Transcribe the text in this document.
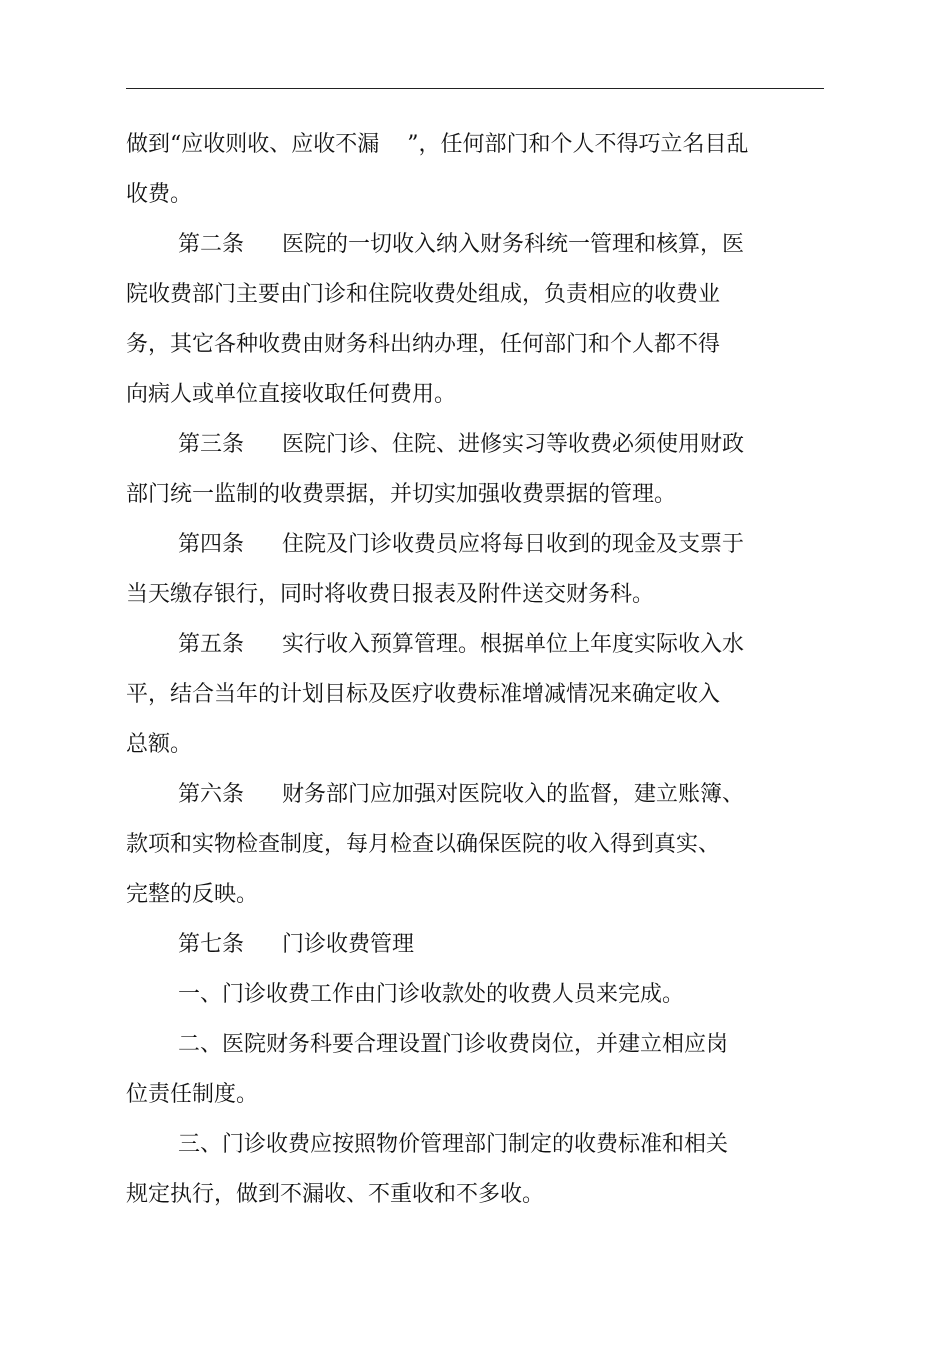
做到“应收则收、应收不漏    ”，任何部门和个人不得巧立名目乱

收费。

第二条 医院的一切收入纳入财务科统一管理和核算，医

院收费部门主要由门诊和住院收费处组成，负责相应的收费业

务，其它各种收费由财务科出纳办理，任何部门和个人都不得

向病人或单位直接收取任何费用。

第三条 医院门诊、住院、进修实习等收费必须使用财政

部门统一监制的收费票据，并切实加强收费票据的管理。

第四条 住院及门诊收费员应将每日收到的现金及支票于

当天缴存银行，同时将收费日报表及附件送交财务科。

第五条 实行收入预算管理。根据单位上年度实际收入水

平，结合当年的计划目标及医疗收费标准增减情况来确定收入

总额。

第六条 财务部门应加强对医院收入的监督，建立账簿、

款项和实物检查制度，每月检查以确保医院的收入得到真实、

完整的反映。

第七条 门诊收费管理

一、门诊收费工作由门诊收款处的收费人员来完成。

二、医院财务科要合理设置门诊收费岗位，并建立相应岗

位责任制度。

三、门诊收费应按照物价管理部门制定的收费标准和相关

规定执行，做到不漏收、不重收和不多收。
